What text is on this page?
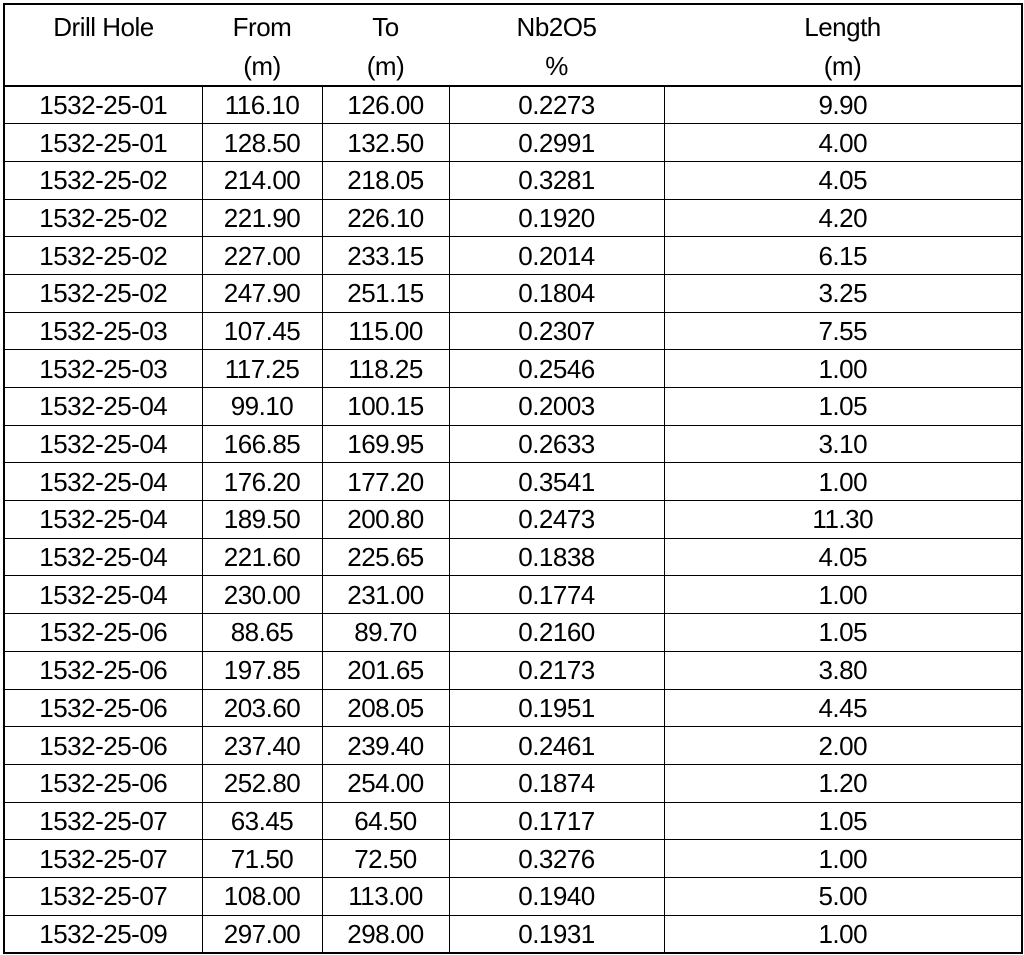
Drill Hole	From	To	Nb2O5	Length
	(m)	(m)	%	(m)
1532-25-01	116.10	126.00	0.2273	9.90
1532-25-01	128.50	132.50	0.2991	4.00
1532-25-02	214.00	218.05	0.3281	4.05
1532-25-02	221.90	226.10	0.1920	4.20
1532-25-02	227.00	233.15	0.2014	6.15
1532-25-02	247.90	251.15	0.1804	3.25
1532-25-03	107.45	115.00	0.2307	7.55
1532-25-03	117.25	118.25	0.2546	1.00
1532-25-04	99.10	100.15	0.2003	1.05
1532-25-04	166.85	169.95	0.2633	3.10
1532-25-04	176.20	177.20	0.3541	1.00
1532-25-04	189.50	200.80	0.2473	11.30
1532-25-04	221.60	225.65	0.1838	4.05
1532-25-04	230.00	231.00	0.1774	1.00
1532-25-06	88.65	89.70	0.2160	1.05
1532-25-06	197.85	201.65	0.2173	3.80
1532-25-06	203.60	208.05	0.1951	4.45
1532-25-06	237.40	239.40	0.2461	2.00
1532-25-06	252.80	254.00	0.1874	1.20
1532-25-07	63.45	64.50	0.1717	1.05
1532-25-07	71.50	72.50	0.3276	1.00
1532-25-07	108.00	113.00	0.1940	5.00
1532-25-09	297.00	298.00	0.1931	1.00
